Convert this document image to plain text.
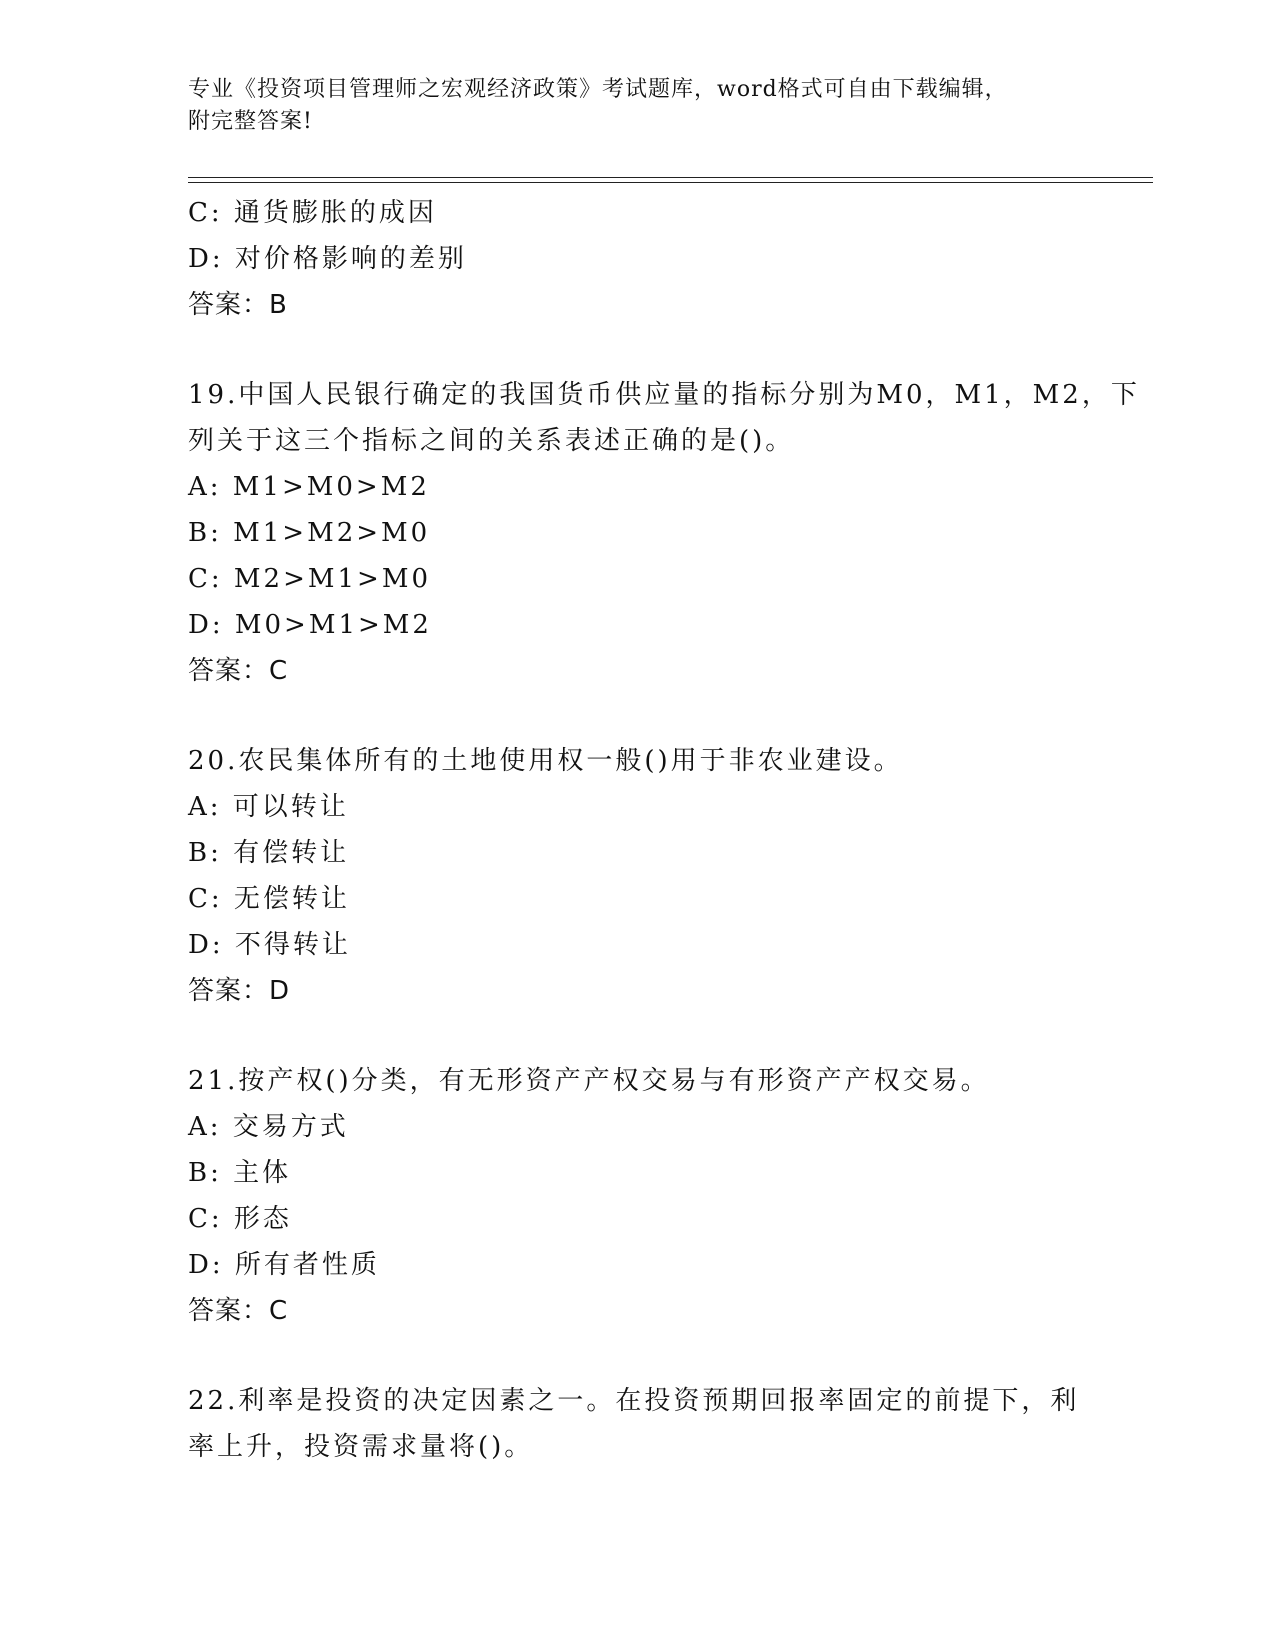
专业《投资项目管理师之宏观经济政策》考试题库，word格式可自由下载编辑，
附完整答案!
C: 通货膨胀的成因
D: 对价格影响的差别
答案：B
19.中国人民银行确定的我国货币供应量的指标分别为M0，M1，M2，下
列关于这三个指标之间的关系表述正确的是()。
A: M1>M0>M2
B: M1>M2>M0
C: M2>M1>M0
D: M0>M1>M2
答案：C
20.农民集体所有的土地使用权一般()用于非农业建设。
A: 可以转让
B: 有偿转让
C: 无偿转让
D: 不得转让
答案：D
21.按产权()分类，有无形资产产权交易与有形资产产权交易。
A: 交易方式
B: 主体
C: 形态
D: 所有者性质
答案：C
22.利率是投资的决定因素之一。在投资预期回报率固定的前提下，利
率上升，投资需求量将()。
